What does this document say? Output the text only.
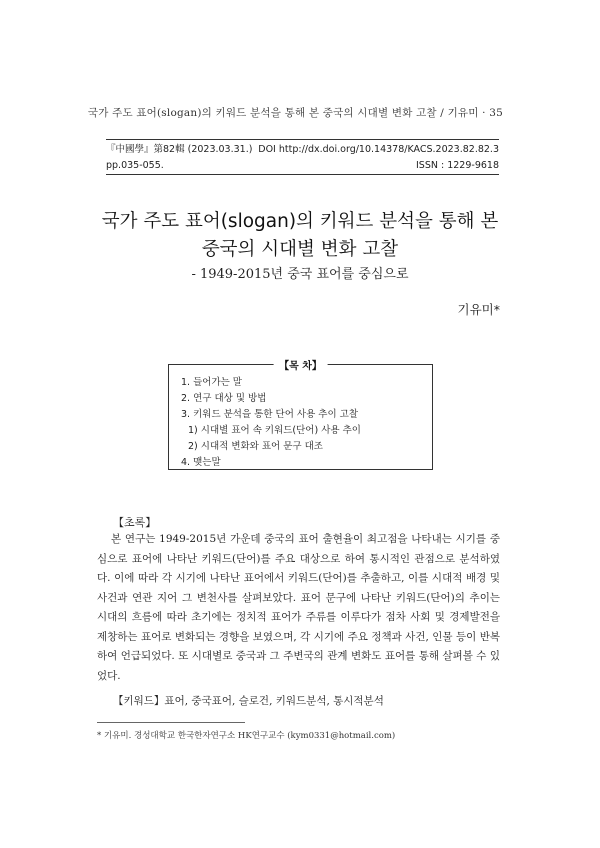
국가 주도 표어(slogan)의 키워드 분석을 통해 본 중국의 시대별 변화 고찰 / 기유미 · 35
『中國學』第82輯 (2023.03.31.) DOI http://dx.doi.org/10.14378/KACS.2023.82.82.3
pp.035-055.	ISSN : 1229-9618
국가 주도 표어(slogan)의 키워드 분석을 통해 본
중국의 시대별 변화 고찰
- 1949-2015년 중국 표어를 중심으로
기유미*
【목 차】
1. 들어가는 말
2. 연구 대상 및 방법
3. 키워드 분석을 통한 단어 사용 추이 고찰
1) 시대별 표어 속 키워드(단어) 사용 추이
2) 시대적 변화와 표어 문구 대조
4. 맺는말
【초록】

본 연구는 1949-2015년 가운데 중국의 표어 출현율이 최고점을 나타내는 시기를 중심으로 표어에 나타난 키워드(단어)를 주요 대상으로 하여 통시적인 관점으로 분석하였다. 이에 따라 각 시기에 나타난 표어에서 키워드(단어)를 추출하고, 이를 시대적 배경 및 사건과 연관 지어 그 변천사를 살펴보았다. 표어 문구에 나타난 키워드(단어)의 추이는 시대의 흐름에 따라 초기에는 정치적 표어가 주류를 이루다가 점차 사회 및 경제발전을 제창하는 표어로 변화되는 경향을 보였으며, 각 시기에 주요 정책과 사건, 인물 등이 반복하여 언급되었다. 또 시대별로 중국과 그 주변국의 관계 변화도 표어를 통해 살펴볼 수 있었다.

【키워드】표어, 중국표어, 슬로건, 키워드분석, 통시적분석
* 기유미. 경성대학교 한국한자연구소 HK연구교수 (kym0331@hotmail.com)
